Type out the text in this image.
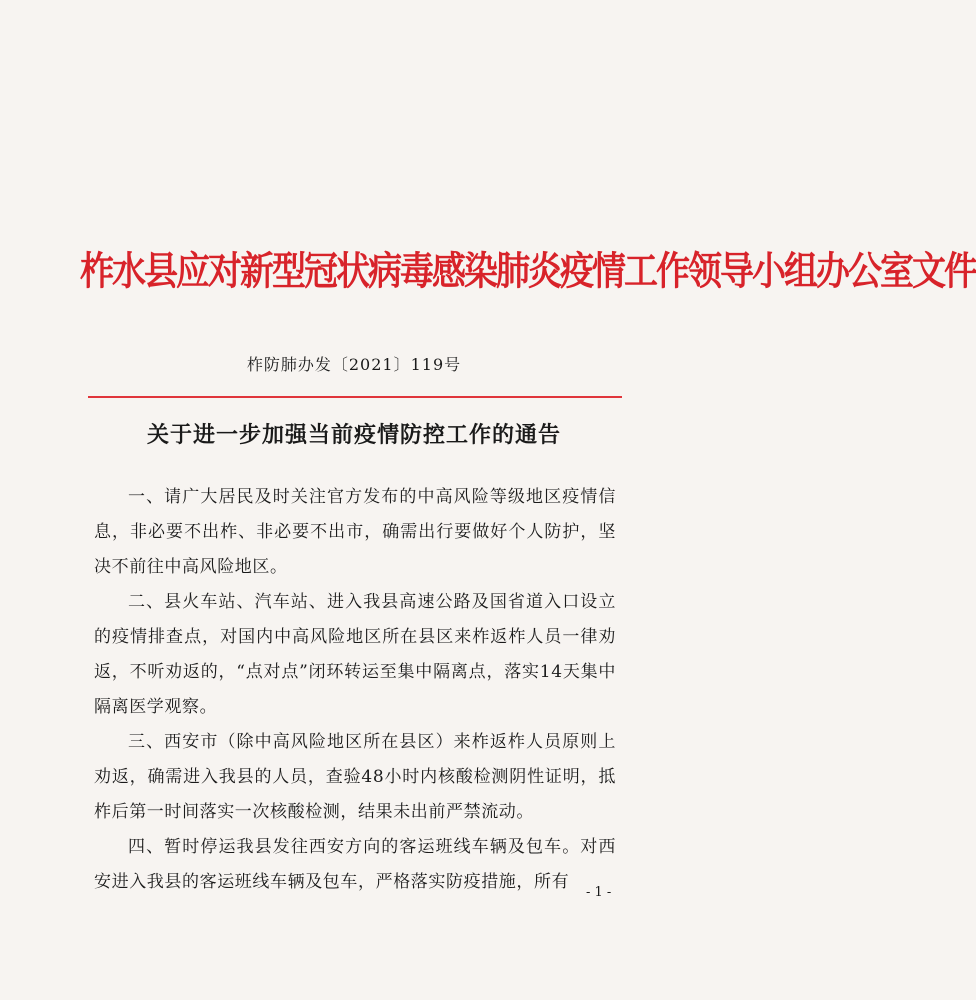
柞水县应对新型冠状病毒感染肺炎疫情工作领导小组办公室文件
柞防肺办发〔2021〕119号
关于进一步加强当前疫情防控工作的通告

一、请广大居民及时关注官方发布的中高风险等级地区疫情信息，非必要不出柞、非必要不出市，确需出行要做好个人防护，坚决不前往中高风险地区。

二、县火车站、汽车站、进入我县高速公路及国省道入口设立的疫情排查点，对国内中高风险地区所在县区来柞返柞人员一律劝返，不听劝返的，“点对点”闭环转运至集中隔离点，落实14天集中隔离医学观察。

三、西安市（除中高风险地区所在县区）来柞返柞人员原则上劝返，确需进入我县的人员，查验48小时内核酸检测阴性证明，抵柞后第一时间落实一次核酸检测，结果未出前严禁流动。

四、暂时停运我县发往西安方向的客运班线车辆及包车。对西安进入我县的客运班线车辆及包车，严格落实防疫措施，所有

- 1 -
